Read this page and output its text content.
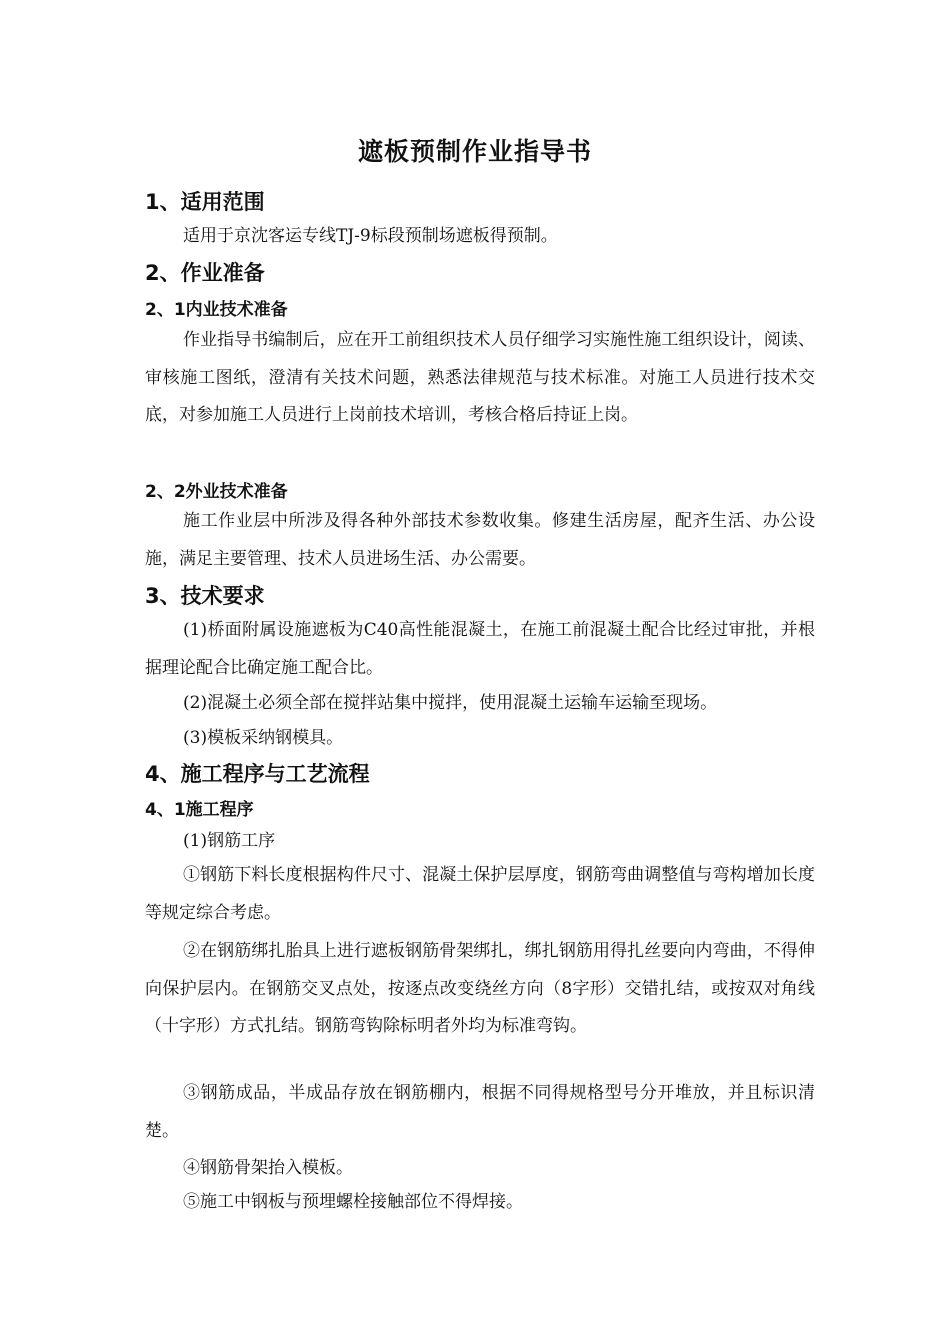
遮板预制作业指导书
1、适用范围

适用于京沈客运专线TJ-9标段预制场遮板得预制。

2、作业准备
2、1内业技术准备

作业指导书编制后，应在开工前组织技术人员仔细学习实施性施工组织设计，阅读、审核施工图纸，澄清有关技术问题，熟悉法律规范与技术标准。对施工人员进行技术交底，对参加施工人员进行上岗前技术培训，考核合格后持证上岗。

2、2外业技术准备

施工作业层中所涉及得各种外部技术参数收集。修建生活房屋，配齐生活、办公设施，满足主要管理、技术人员进场生活、办公需要。

3、技术要求

(1)桥面附属设施遮板为C40高性能混凝土，在施工前混凝土配合比经过审批，并根据理论配合比确定施工配合比。

(2)混凝土必须全部在搅拌站集中搅拌，使用混凝土运输车运输至现场。

(3)模板采纳钢模具。

4、施工程序与工艺流程
4、1施工程序

(1)钢筋工序

①钢筋下料长度根据构件尺寸、混凝土保护层厚度，钢筋弯曲调整值与弯构增加长度等规定综合考虑。

②在钢筋绑扎胎具上进行遮板钢筋骨架绑扎，绑扎钢筋用得扎丝要向内弯曲，不得伸向保护层内。在钢筋交叉点处，按逐点改变绕丝方向（8字形）交错扎结，或按双对角线（十字形）方式扎结。钢筋弯钩除标明者外均为标准弯钩。

③钢筋成品，半成品存放在钢筋棚内，根据不同得规格型号分开堆放，并且标识清楚。

④钢筋骨架抬入模板。

⑤施工中钢板与预埋螺栓接触部位不得焊接。
